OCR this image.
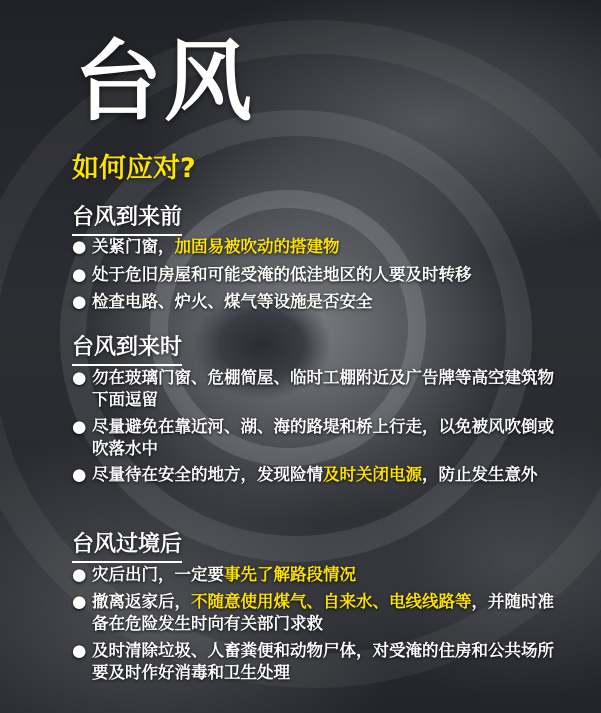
台风
如何应对?
台风到来前
● 关紧门窗，加固易被吹动的搭建物
● 处于危旧房屋和可能受淹的低洼地区的人要及时转移
● 检查电路、炉火、煤气等设施是否安全
台风到来时
● 勿在玻璃门窗、危棚简屋、临时工棚附近及广告牌等高空建筑物下面逗留
● 尽量避免在靠近河、湖、海的路堤和桥上行走，以免被风吹倒或吹落水中
● 尽量待在安全的地方，发现险情及时关闭电源，防止发生意外
台风过境后
● 灾后出门，一定要事先了解路段情况
● 撤离返家后，不随意使用煤气、自来水、电线线路等，并随时准备在危险发生时向有关部门求救
● 及时清除垃圾、人畜粪便和动物尸体，对受淹的住房和公共场所要及时作好消毒和卫生处理
